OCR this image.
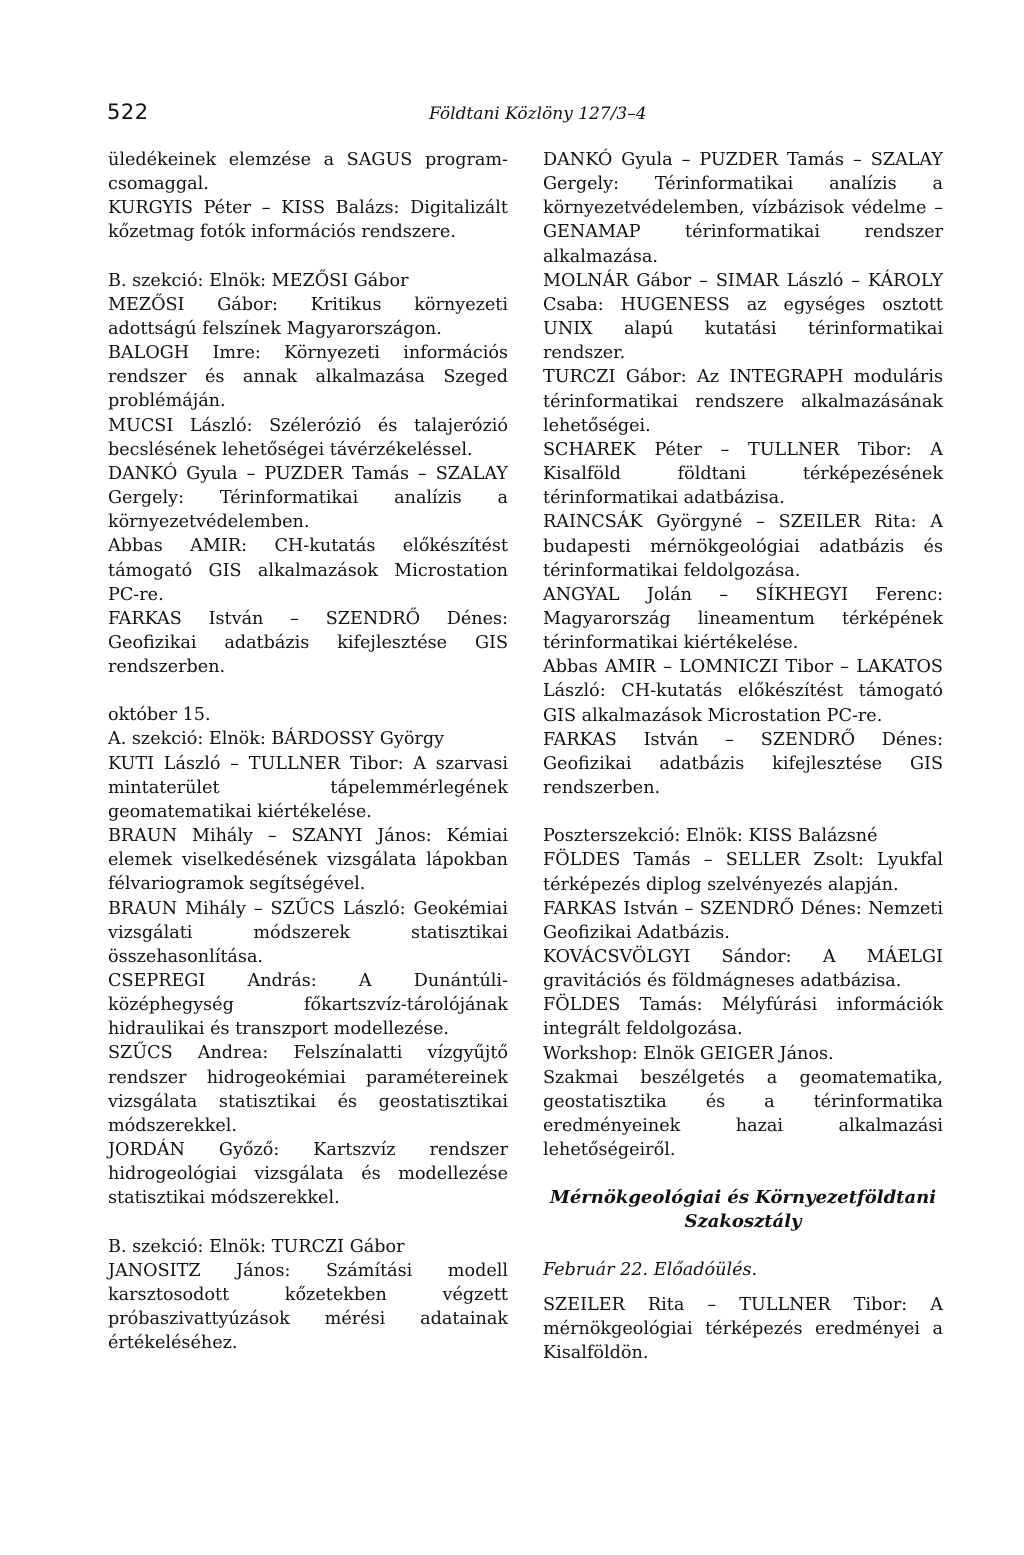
522	Földtani Közlöny 127/3–4

üledékeinek elemzése a SAGUS program-csomaggal.

KURGYIS Péter – KISS Balázs: Digitalizált kőzetmag fotók információs rendszere.

B. szekció: Elnök: MEZŐSI Gábor

MEZŐSI Gábor: Kritikus környezeti adottságú felszínek Magyarországon.

BALOGH Imre: Környezeti információs rendszer és annak alkalmazása Szeged problémáján.

MUCSI László: Szélerózió és talajerózió becslésének lehetőségei távérzékeléssel.

DANKÓ Gyula – PUZDER Tamás – SZALAY Gergely: Térinformatikai analízis a környezetvédelemben.

Abbas AMIR: CH-kutatás előkészítést támogató GIS alkalmazások Microstation PC-re.

FARKAS István – SZENDRŐ Dénes: Geofizikai adatbázis kifejlesztése GIS rendszerben.

október 15.

A. szekció: Elnök: BÁRDOSSY György

KUTI László – TULLNER Tibor: A szarvasi mintaterület tápelemmérlegének geomatematikai kiértékelése.

BRAUN Mihály – SZANYI János: Kémiai elemek viselkedésének vizsgálata lápokban félvariogramok segítségével.

BRAUN Mihály – SZŰCS László: Geokémiai vizsgálati módszerek statisztikai összehasonlítása.

CSEPREGI András: A Dunántúli-középhegység főkartszvíz-tárolójának hidraulikai és transzport modellezése.

SZŰCS Andrea: Felszínalatti vízgyűjtő rendszer hidrogeokémiai paramétereinek vizsgálata statisztikai és geostatisztikai módszerekkel.

JORDÁN Győző: Kartszvíz rendszer hidrogeológiai vizsgálata és modellezése statisztikai módszerekkel.

B. szekció: Elnök: TURCZI Gábor

JANOSITZ János: Számítási modell karsztosodott kőzetekben végzett próbaszivattyúzások mérési adatainak értékeléséhez.

DANKÓ Gyula – PUZDER Tamás – SZALAY Gergely: Térinformatikai analízis a környezetvédelemben, vízbázisok védelme – GENAMAP térinformatikai rendszer alkalmazása.

MOLNÁR Gábor – SIMAR László – KÁROLY Csaba: HUGENESS az egységes osztott UNIX alapú kutatási térinformatikai rendszer.

TURCZI Gábor: Az INTEGRAPH moduláris térinformatikai rendszere alkalmazásának lehetőségei.

SCHAREK Péter – TULLNER Tibor: A Kisalföld földtani térképezésének térinformatikai adatbázisa.

RAINCSÁK Györgyné – SZEILER Rita: A budapesti mérnökgeológiai adatbázis és térinformatikai feldolgozása.

ANGYAL Jolán – SÍKHEGYI Ferenc: Magyarország lineamentum térképének térinformatikai kiértékelése.

Abbas AMIR – LOMNICZI Tibor – LAKATOS László: CH-kutatás előkészítést támogató GIS alkalmazások Microstation PC-re.

FARKAS István – SZENDRŐ Dénes: Geofizikai adatbázis kifejlesztése GIS rendszerben.

Poszterszekció: Elnök: KISS Balázsné

FÖLDES Tamás – SELLER Zsolt: Lyukfal térképezés diplog szelvényezés alapján.

FARKAS István – SZENDRŐ Dénes: Nemzeti Geofizikai Adatbázis.

KOVÁCSVÖLGYI Sándor: A MÁELGI gravitációs és földmágneses adatbázisa.

FÖLDES Tamás: Mélyfúrási információk integrált feldolgozása.

Workshop: Elnök GEIGER János.

Szakmai beszélgetés a geomatematika, geostatisztika és a térinformatika eredményeinek hazai alkalmazási lehetőségeiről.

Mérnökgeológiai és Környezetföldtani Szakosztály

Február 22. Előadóülés.

SZEILER Rita – TULLNER Tibor: A mérnökgeológiai térképezés eredményei a Kisalföldön.
